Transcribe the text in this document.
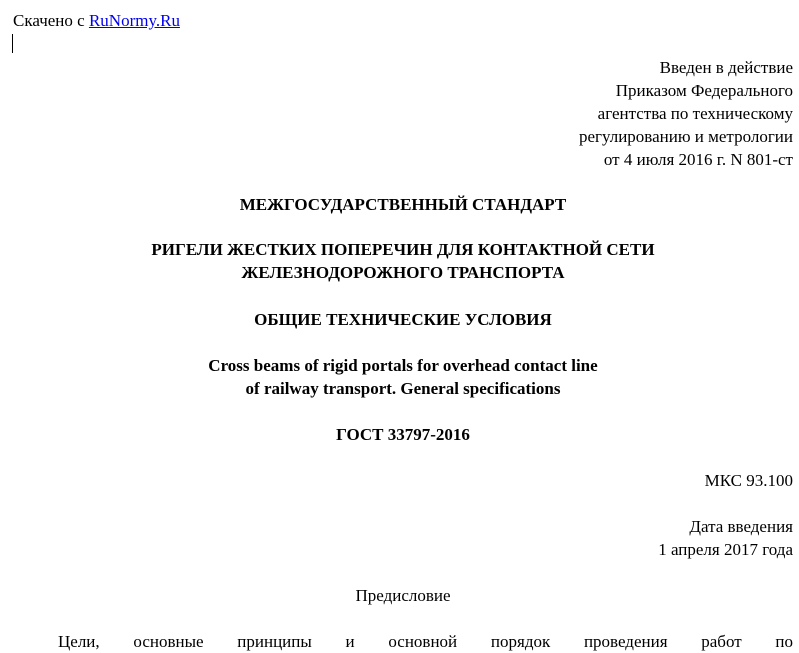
Скачено с RuNormy.Ru
Введен в действие
Приказом Федерального
агентства по техническому
регулированию и метрологии
от 4 июля 2016 г. N 801-ст
МЕЖГОСУДАРСТВЕННЫЙ СТАНДАРТ
РИГЕЛИ ЖЕСТКИХ ПОПЕРЕЧИН ДЛЯ КОНТАКТНОЙ СЕТИ
ЖЕЛЕЗНОДОРОЖНОГО ТРАНСПОРТА
ОБЩИЕ ТЕХНИЧЕСКИЕ УСЛОВИЯ
Cross beams of rigid portals for overhead contact line
of railway transport. General specifications
ГОСТ 33797-2016
МКС 93.100
Дата введения
1 апреля 2017 года
Предисловие
Цели, основные принципы и основной порядок проведения работ по
